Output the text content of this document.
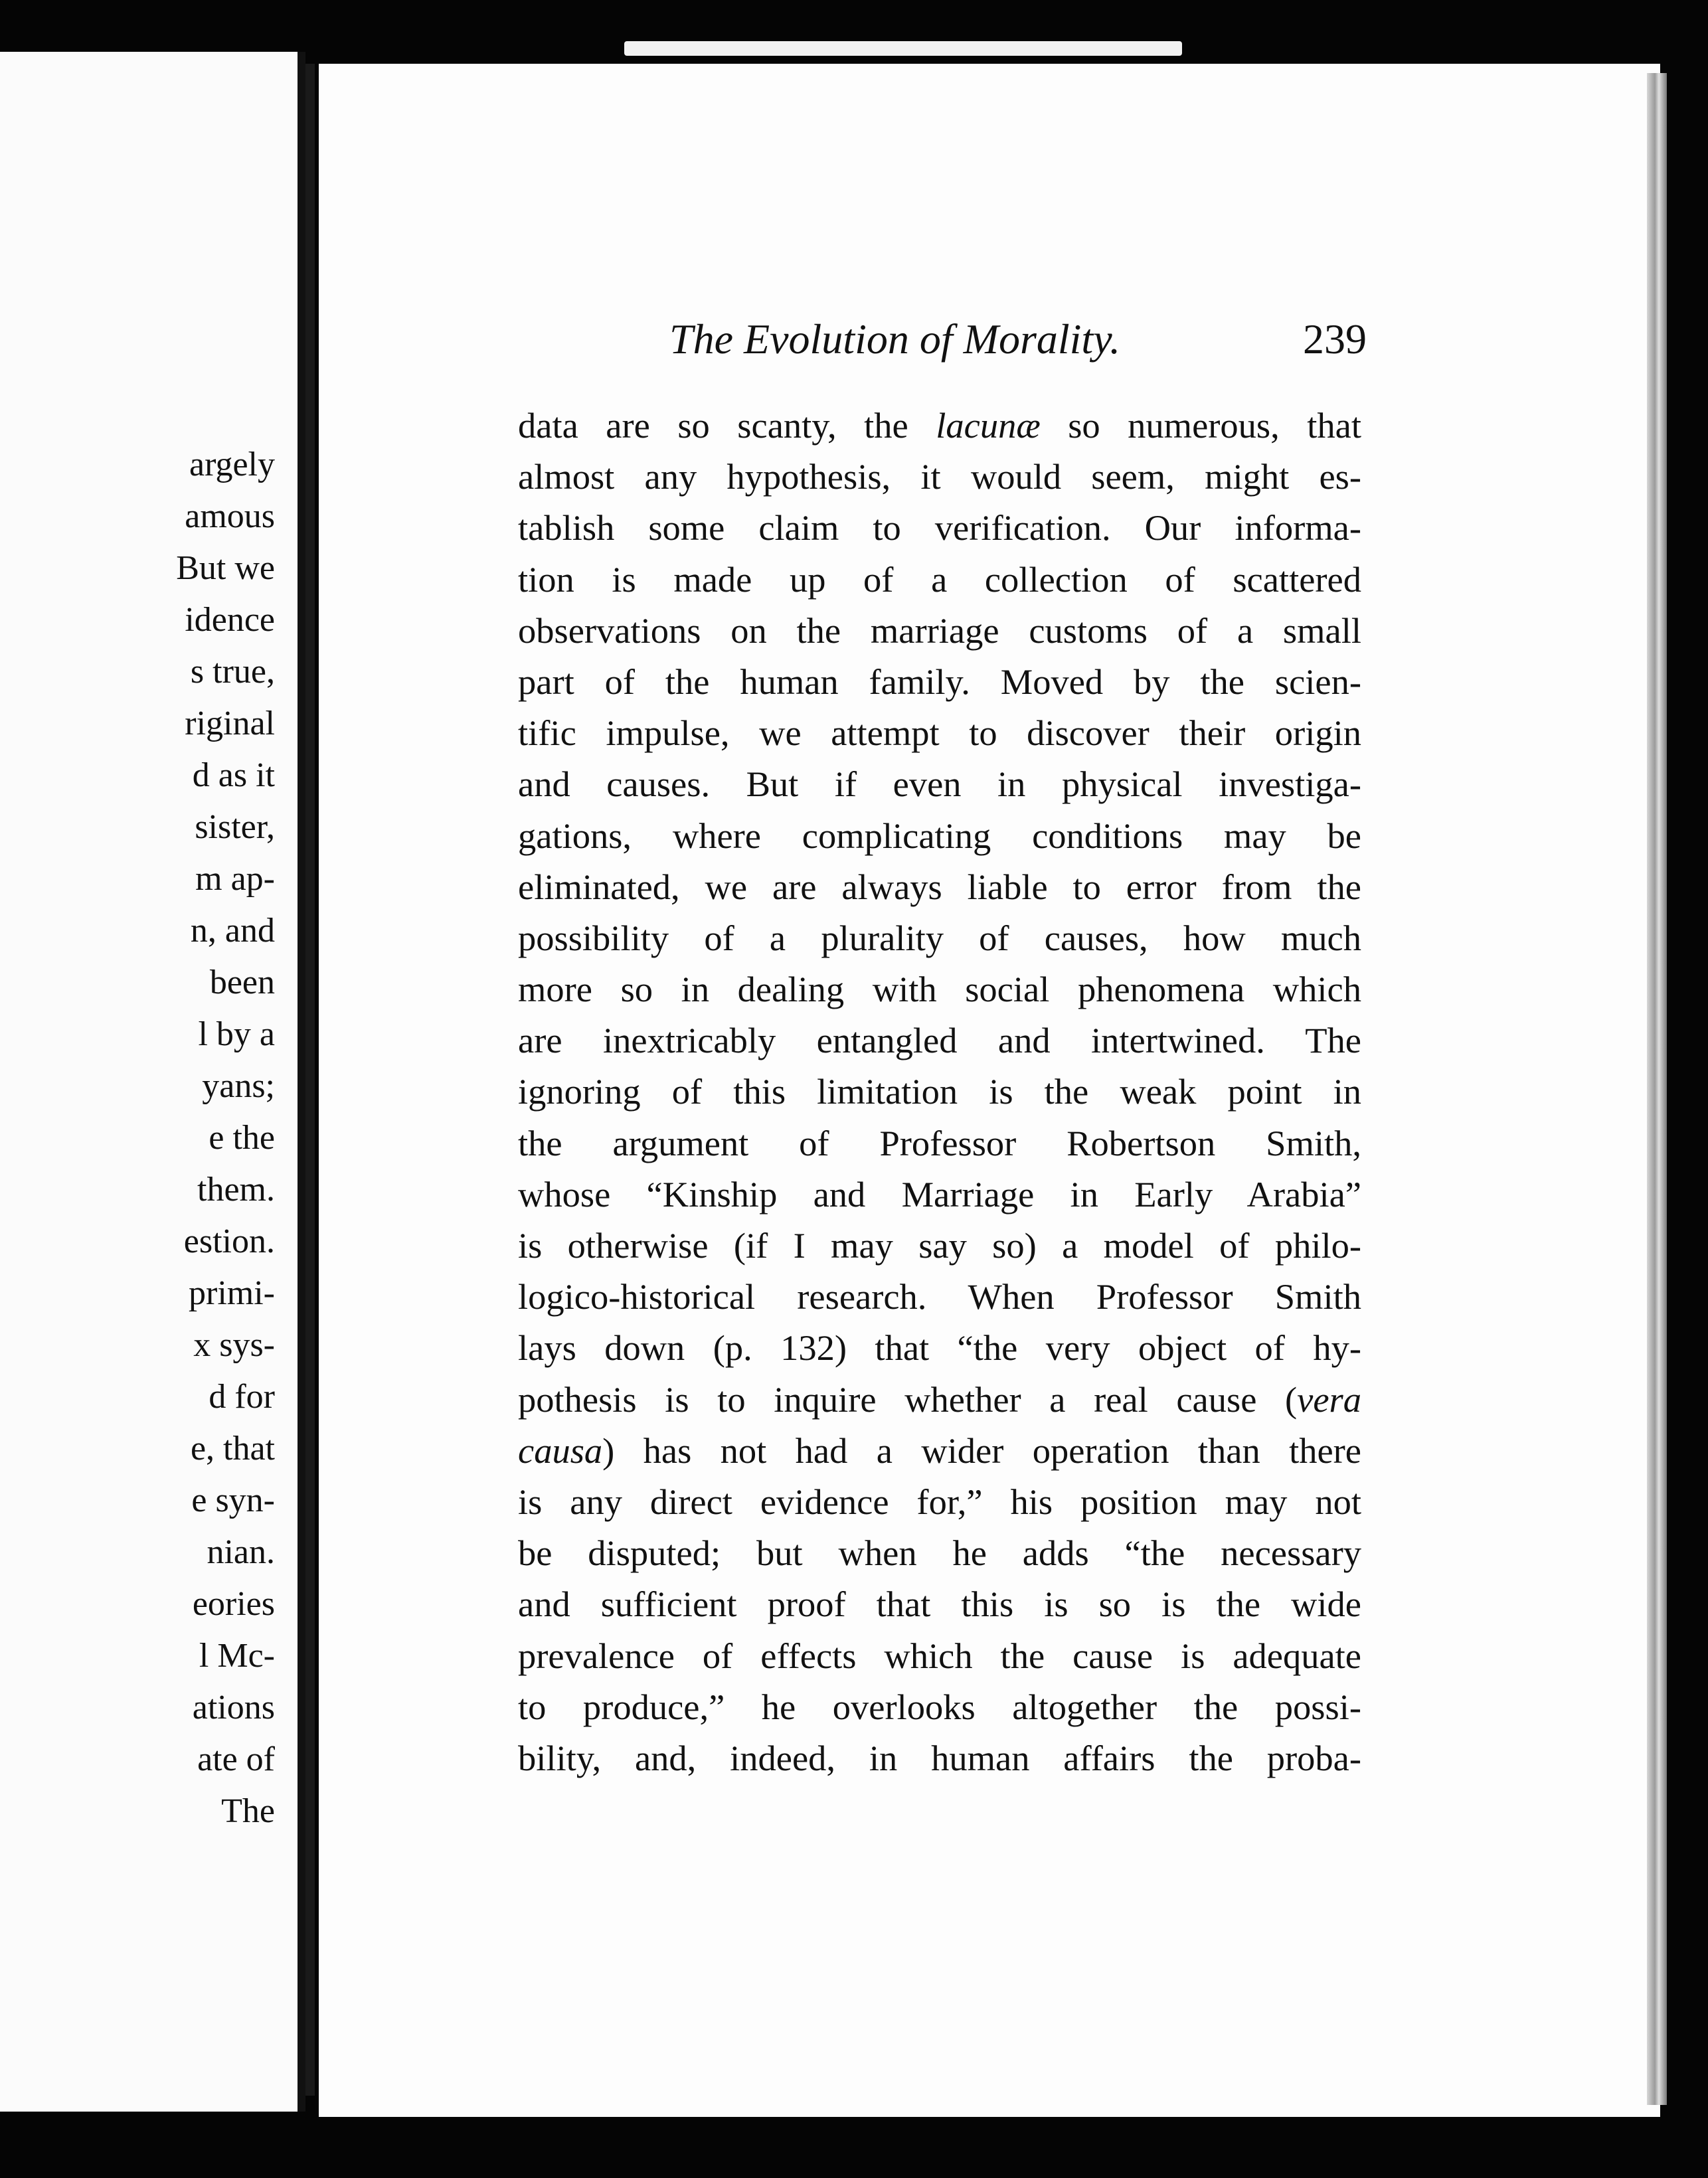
argely
amous
But we
idence
s true,
riginal
d as it
sister,
m ap-
n, and
been
l by a
yans;
e the
them.
estion.
primi-
x sys-
d for
e, that
e syn-
nian.
eories
l Mc-
ations
ate of
The
The Evolution of Morality.	239
data are so scanty, the lacunæ so numerous, that
almost any hypothesis, it would seem, might es-
tablish some claim to verification. Our informa-
tion is made up of a collection of scattered
observations on the marriage customs of a small
part of the human family. Moved by the scien-
tific impulse, we attempt to discover their origin
and causes. But if even in physical investiga-
gations, where complicating conditions may be
eliminated, we are always liable to error from the
possibility of a plurality of causes, how much
more so in dealing with social phenomena which
are inextricably entangled and intertwined. The
ignoring of this limitation is the weak point in
the argument of Professor Robertson Smith,
whose “Kinship and Marriage in Early Arabia”
is otherwise (if I may say so) a model of philo-
logico-historical research. When Professor Smith
lays down (p. 132) that “the very object of hy-
pothesis is to inquire whether a real cause (vera
causa) has not had a wider operation than there
is any direct evidence for,” his position may not
be disputed; but when he adds “the necessary
and sufficient proof that this is so is the wide
prevalence of effects which the cause is adequate
to produce,” he overlooks altogether the possi-
bility, and, indeed, in human affairs the proba-
